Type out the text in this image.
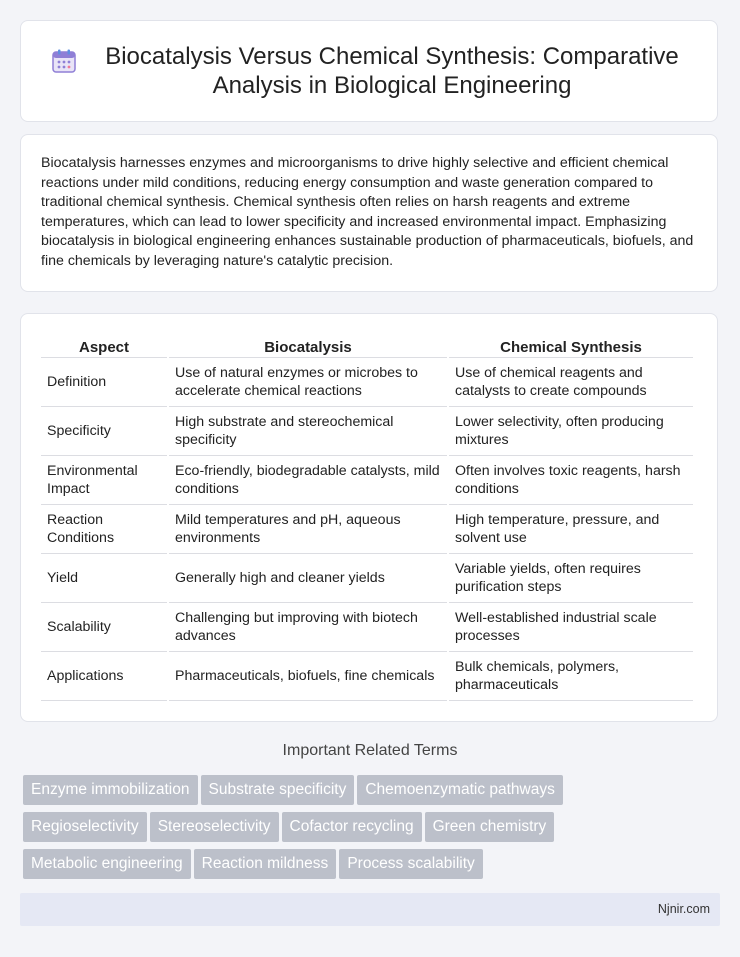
Biocatalysis Versus Chemical Synthesis: Comparative Analysis in Biological Engineering

Biocatalysis harnesses enzymes and microorganisms to drive highly selective and efficient chemical reactions under mild conditions, reducing energy consumption and waste generation compared to traditional chemical synthesis. Chemical synthesis often relies on harsh reagents and extreme temperatures, which can lead to lower specificity and increased environmental impact. Emphasizing biocatalysis in biological engineering enhances sustainable production of pharmaceuticals, biofuels, and fine chemicals by leveraging nature's catalytic precision.

Aspect	Biocatalysis	Chemical Synthesis
Definition	Use of natural enzymes or microbes to accelerate chemical reactions	Use of chemical reagents and catalysts to create compounds
Specificity	High substrate and stereochemical specificity	Lower selectivity, often producing mixtures
Environmental Impact	Eco-friendly, biodegradable catalysts, mild conditions	Often involves toxic reagents, harsh conditions
Reaction Conditions	Mild temperatures and pH, aqueous environments	High temperature, pressure, and solvent use
Yield	Generally high and cleaner yields	Variable yields, often requires purification steps
Scalability	Challenging but improving with biotech advances	Well-established industrial scale processes
Applications	Pharmaceuticals, biofuels, fine chemicals	Bulk chemicals, polymers, pharmaceuticals
Important Related Terms
Enzyme immobilization Substrate specificity Chemoenzymatic pathways
Regioselectivity Stereoselectivity Cofactor recycling Green chemistry
Metabolic engineering Reaction mildness Process scalability
Njnir.com
